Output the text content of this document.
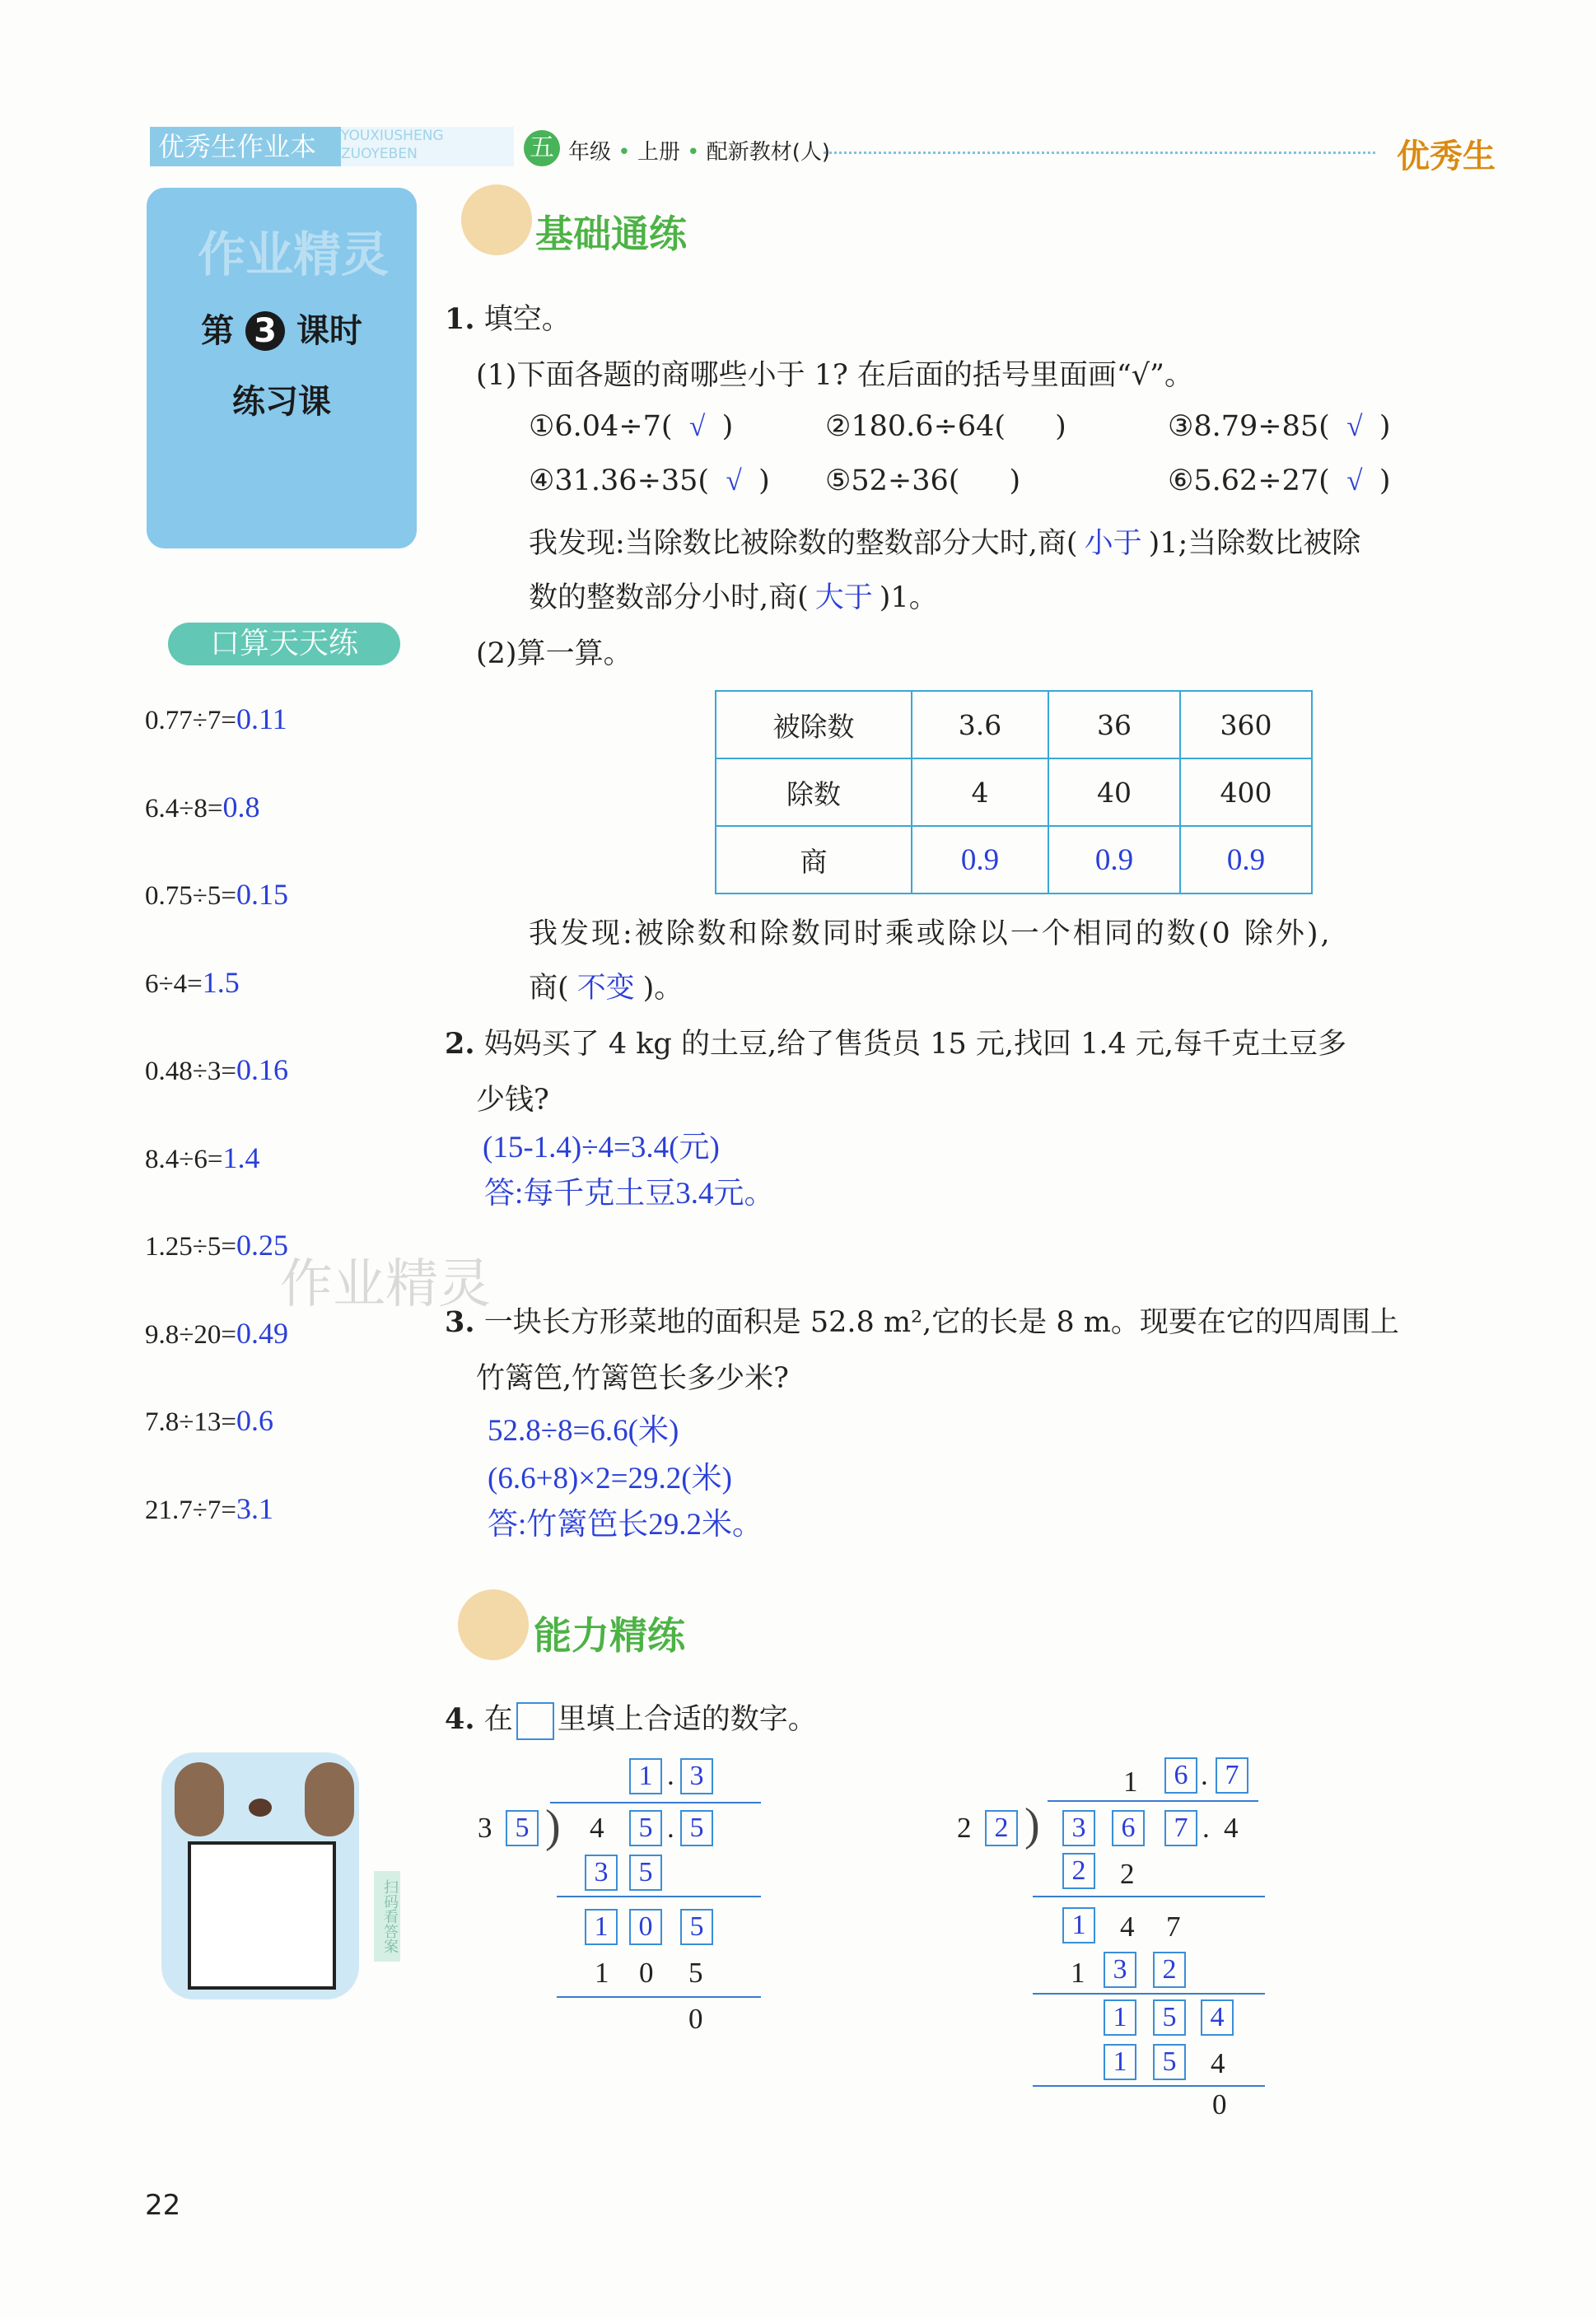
优秀生作业本	YOUXIUSHENG
ZUOYEBEN	五 年级 • 上册 • 配新教材(人)	优秀生
作业精灵
第 3 课时
练习课
口算天天练
0.77÷7=0.11
6.4÷8=0.8
0.75÷5=0.15
6÷4=1.5
0.48÷3=0.16
8.4÷6=1.4
1.25÷5=0.25
9.8÷20=0.49
7.8÷13=0.6
21.7÷7=3.1
基础通练
1. 填空。
(1)下面各题的商哪些小于 1? 在后面的括号里面画“√”。
①6.04÷7( √ )	②180.6÷64( )	③8.79÷85( √ )
④31.36÷35( √ ) ⑤52÷36( )	⑥5.62÷27( √ )
我发现:当除数比被除数的整数部分大时,商( 小于 )1;当除数比被除
数的整数部分小时,商( 大于 )1。
(2)算一算。
被除数	3.6	36	360
除数	4	40	400
商	0.9	0.9	0.9
我发现:被除数和除数同时乘或除以一个相同的数(0 除外),
商( 不变 )。
2. 妈妈买了 4 kg 的土豆,给了售货员 15 元,找回 1.4 元,每千克土豆多
少钱?
(15-1.4)÷4=3.4(元)
答:每千克土豆3.4元。
作业精灵
3. 一块长方形菜地的面积是 52.8 m²,它的长是 8 m。现要在它的四周围上
竹篱笆,竹篱笆长多少米?
52.8÷8=6.6(米)
(6.6+8)×2=29.2(米)
答:竹篱笆长29.2米。
能力精练
4. 在 里填上合适的数字。
1 . 3
3 5 ) 4	5 . 5
3	5
1	0	5
1 0 5
0
1	6 . 7
2 2 )	3	6	7 . 4
2	2
1	4 7
1	3	2
1	5	4
1	5	4
0
扫码看答案
22
